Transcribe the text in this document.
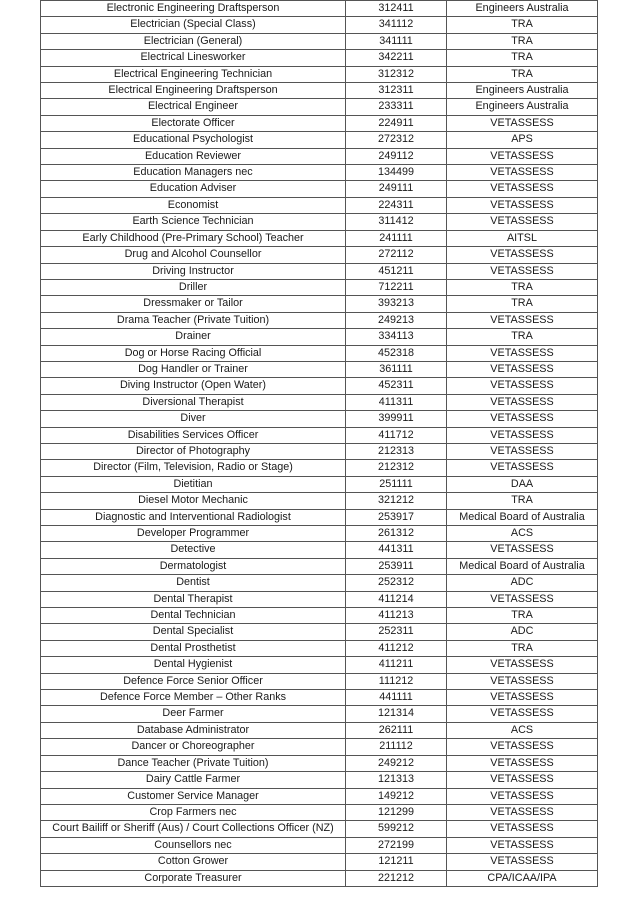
Electronic Engineering Draftsperson	312411	Engineers Australia
Electrician (Special Class)	341112	TRA
Electrician (General)	341111	TRA
Electrical Linesworker	342211	TRA
Electrical Engineering Technician	312312	TRA
Electrical Engineering Draftsperson	312311	Engineers Australia
Electrical Engineer	233311	Engineers Australia
Electorate Officer	224911	VETASSESS
Educational Psychologist	272312	APS
Education Reviewer	249112	VETASSESS
Education Managers nec	134499	VETASSESS
Education Adviser	249111	VETASSESS
Economist	224311	VETASSESS
Earth Science Technician	311412	VETASSESS
Early Childhood (Pre-Primary School) Teacher	241111	AITSL
Drug and Alcohol Counsellor	272112	VETASSESS
Driving Instructor	451211	VETASSESS
Driller	712211	TRA
Dressmaker or Tailor	393213	TRA
Drama Teacher (Private Tuition)	249213	VETASSESS
Drainer	334113	TRA
Dog or Horse Racing Official	452318	VETASSESS
Dog Handler or Trainer	361111	VETASSESS
Diving Instructor (Open Water)	452311	VETASSESS
Diversional Therapist	411311	VETASSESS
Diver	399911	VETASSESS
Disabilities Services Officer	411712	VETASSESS
Director of Photography	212313	VETASSESS
Director (Film, Television, Radio or Stage)	212312	VETASSESS
Dietitian	251111	DAA
Diesel Motor Mechanic	321212	TRA
Diagnostic and Interventional Radiologist	253917	Medical Board of Australia
Developer Programmer	261312	ACS
Detective	441311	VETASSESS
Dermatologist	253911	Medical Board of Australia
Dentist	252312	ADC
Dental Therapist	411214	VETASSESS
Dental Technician	411213	TRA
Dental Specialist	252311	ADC
Dental Prosthetist	411212	TRA
Dental Hygienist	411211	VETASSESS
Defence Force Senior Officer	111212	VETASSESS
Defence Force Member – Other Ranks	441111	VETASSESS
Deer Farmer	121314	VETASSESS
Database Administrator	262111	ACS
Dancer or Choreographer	211112	VETASSESS
Dance Teacher (Private Tuition)	249212	VETASSESS
Dairy Cattle Farmer	121313	VETASSESS
Customer Service Manager	149212	VETASSESS
Crop Farmers nec	121299	VETASSESS
Court Bailiff or Sheriff (Aus) / Court Collections Officer (NZ)	599212	VETASSESS
Counsellors nec	272199	VETASSESS
Cotton Grower	121211	VETASSESS
Corporate Treasurer	221212	CPA/ICAA/IPA
